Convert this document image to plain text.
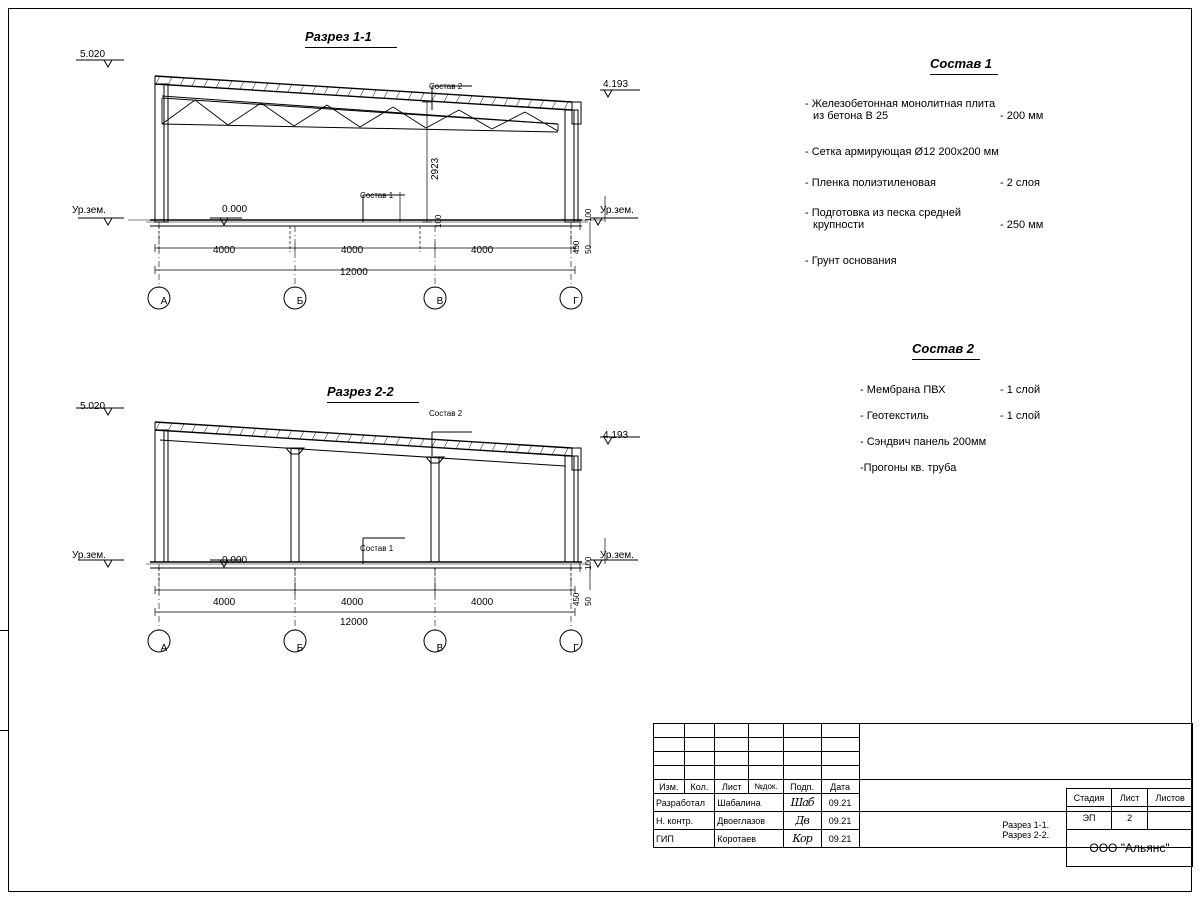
Разрез 1-1
5.020
4.193
Ур.зем.	Ур.зем.
0.000
Состав 2
Состав 1
4000	4000	4000
12000
2923
100
450 50
100
А	Б	В	Г
Разрез 2-2
5.020
4.193
Ур.зем.	Ур.зем.
0.000
Состав 2
Состав 1
4000	4000	4000
12000
100
450 50
А	Б	В	Г
Состав 1
- Железобетонная монолитная плита
из бетона В 25	- 200 мм
- Сетка армирующая Ø12 200х200 мм
- Пленка полиэтиленовая	- 2 слоя
- Подготовка из песка средней
крупности	- 250 мм
- Грунт основания
Состав 2
- Мембрана ПВХ	- 1 слой
- Геотекстиль	- 1 слой
- Сэндвич панель 200мм
-Прогоны кв. труба

Изм.	Кол.	Лист	№док.	Подп.	Дата	
Разработал		Шабалина		Шаб	09.21	
Н. контр.		Двоеглазов		Дв	09.21	Разрез 1-1.
Разрез 2-2.

ГИП		Коротаев		Кор	09.21	
Стадия	Лист	Листов
ЭП	2	
ООО "Альянс"		
